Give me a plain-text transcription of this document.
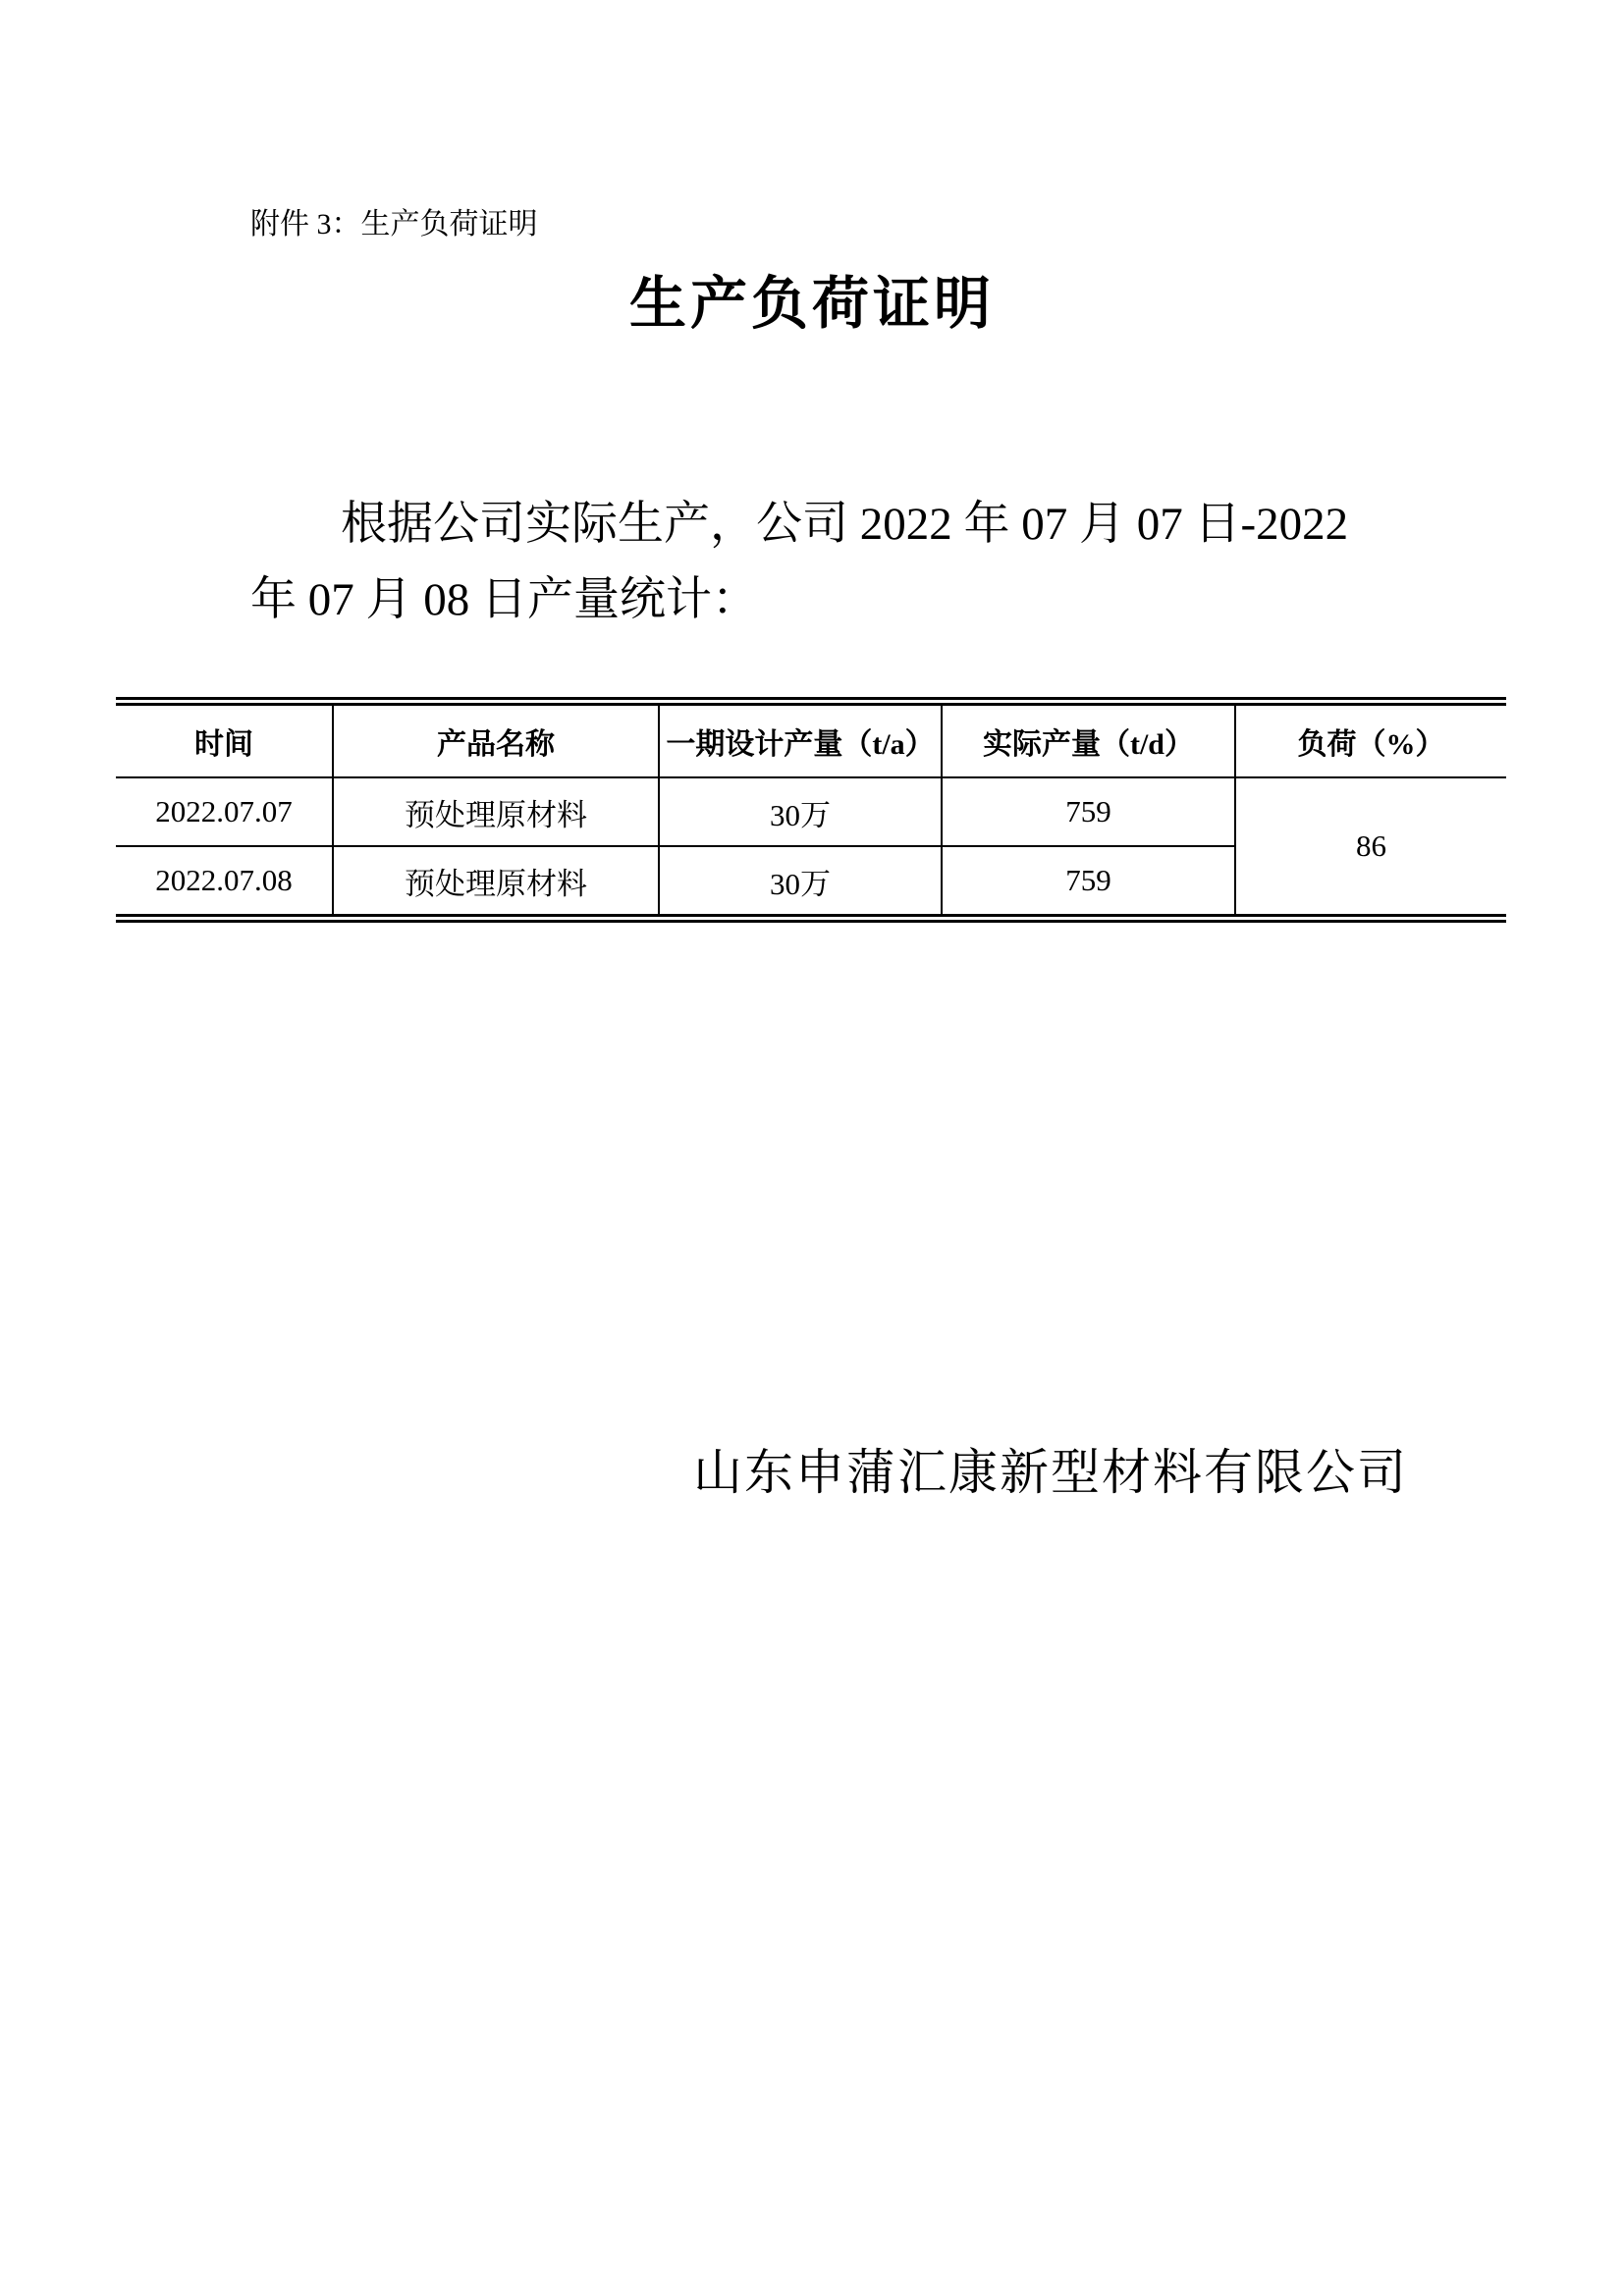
附件 3：生产负荷证明
生产负荷证明
根据公司实际生产，公司 2022 年 07 月 07 日-2022
年 07 月 08 日产量统计：
时间	产品名称	一期设计产量（t/a）	实际产量（t/d）	负荷（%）
2022.07.07	预处理原材料	30万	759	86
2022.07.08	预处理原材料	30万	759	
山东申蒲汇康新型材料有限公司
